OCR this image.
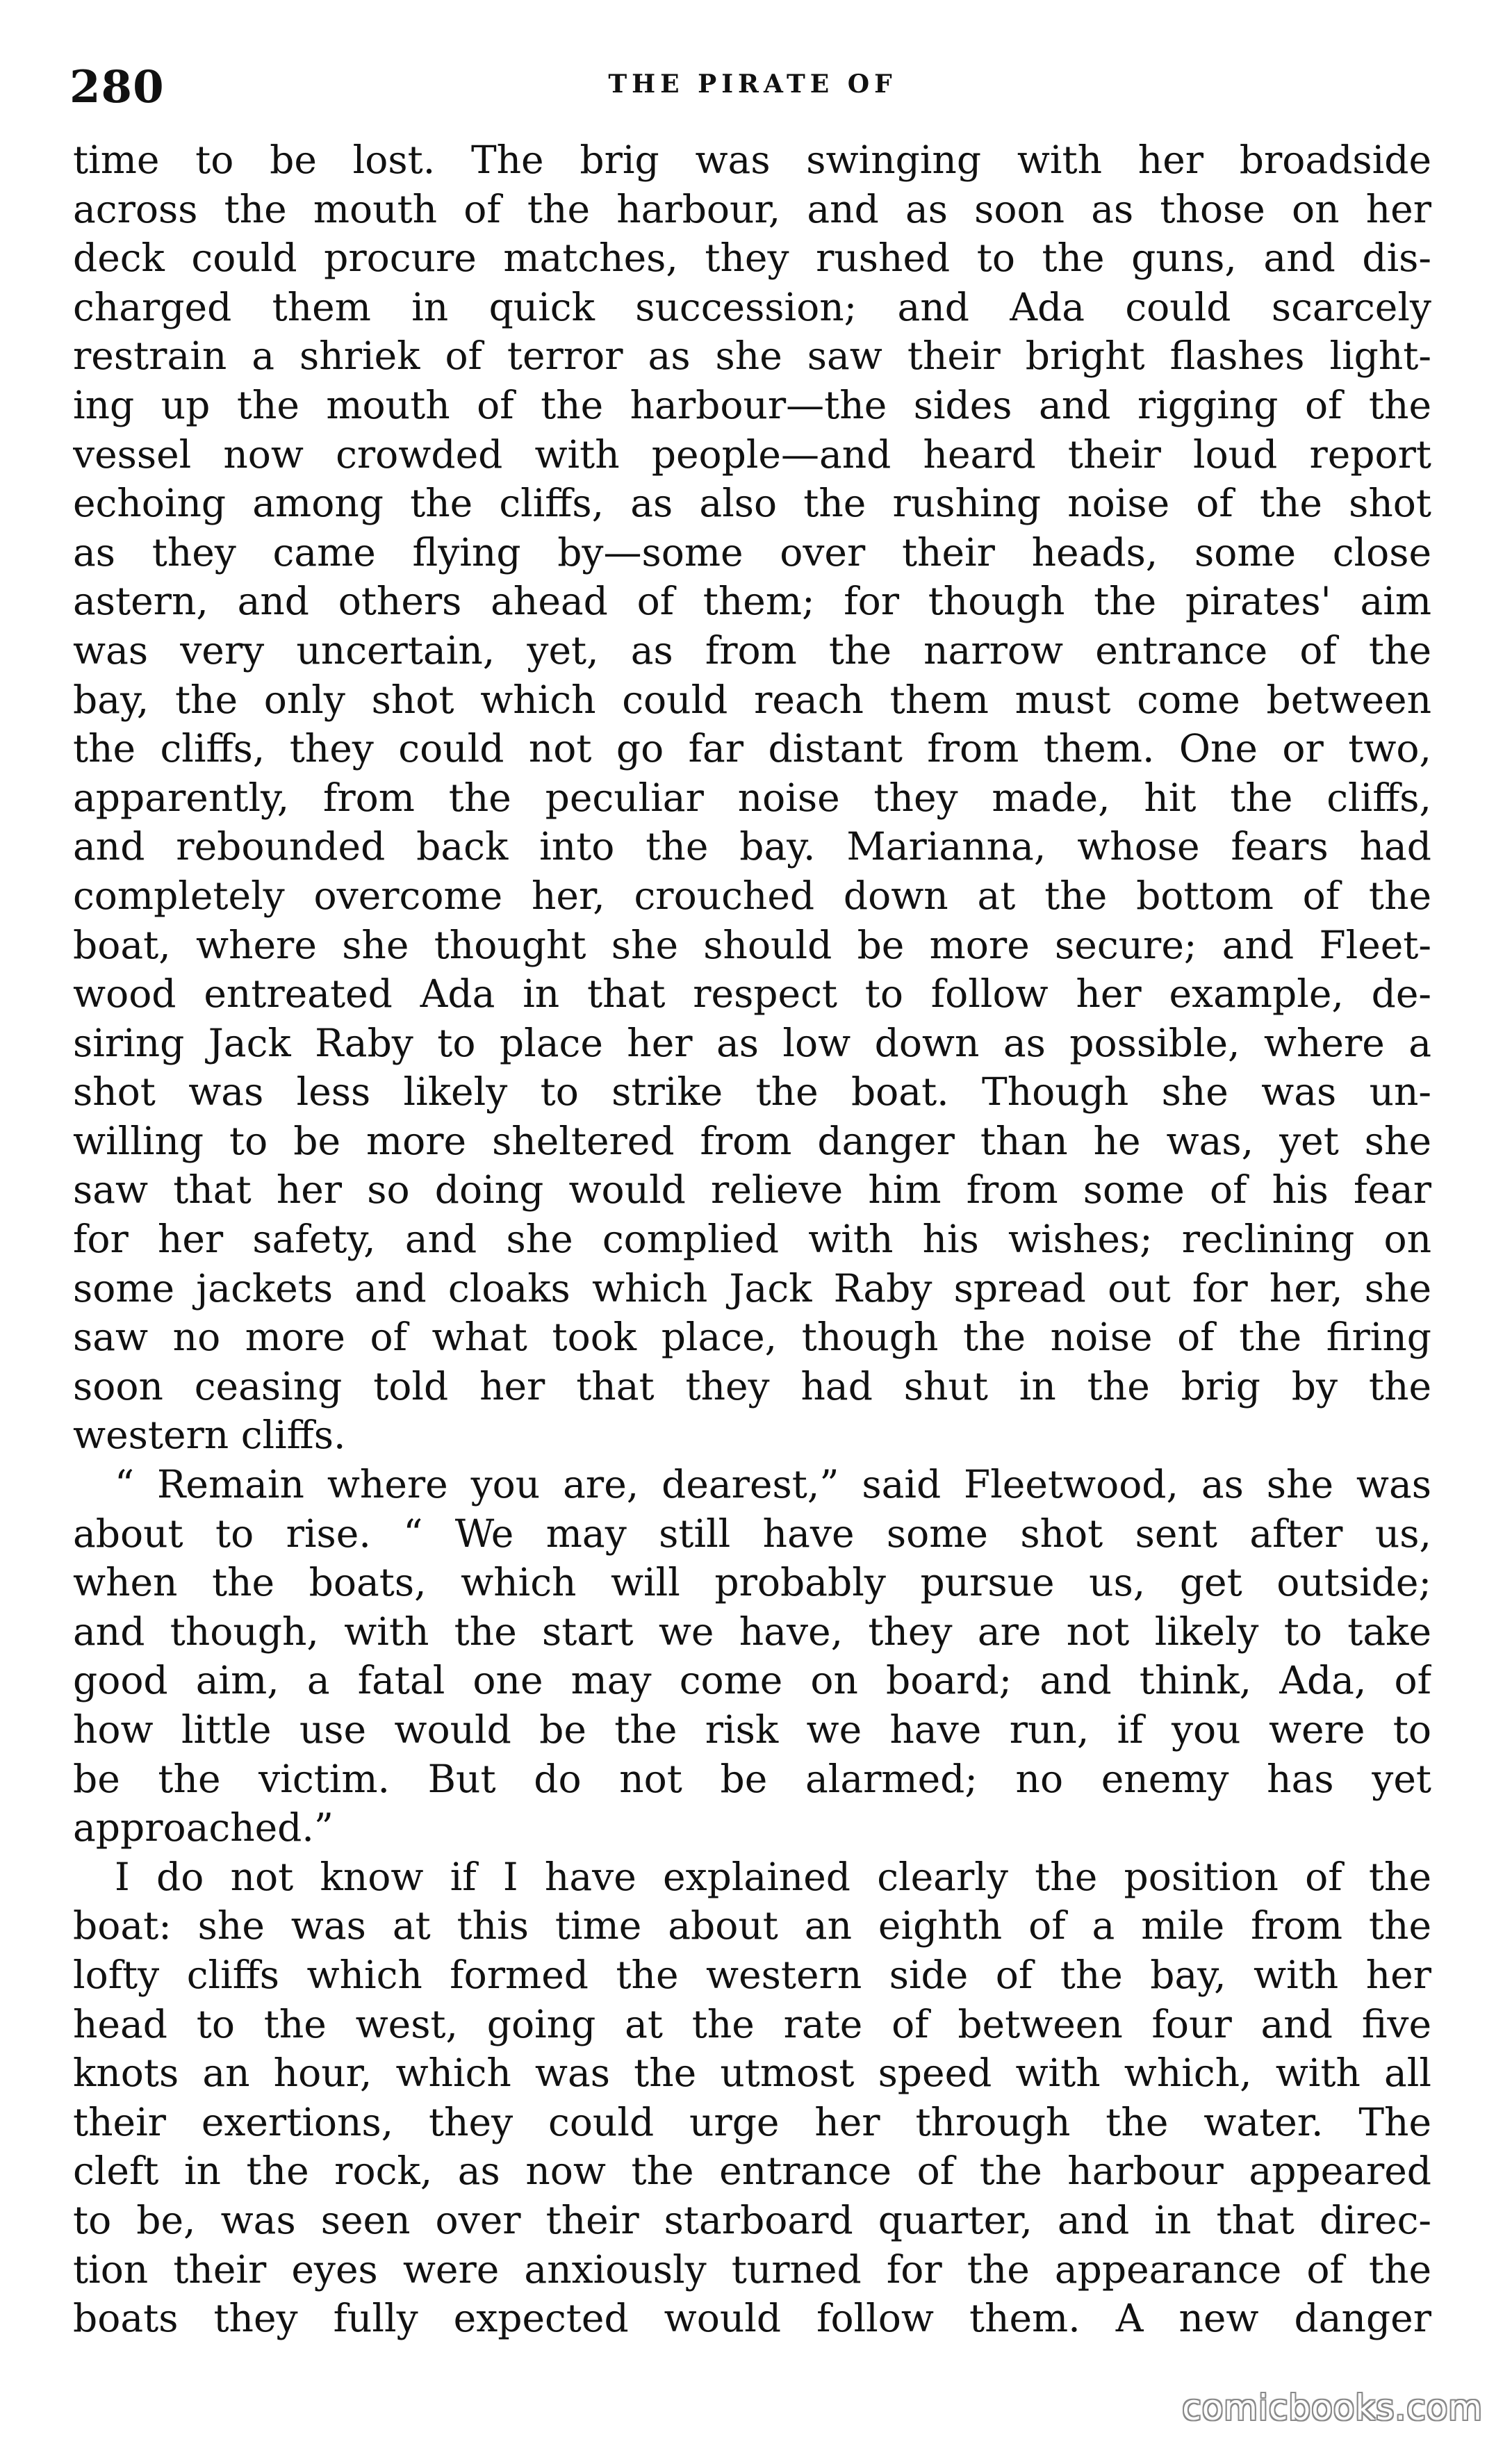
280	THE PIRATE OF
time to be lost. The brig was swinging with her broadside
across the mouth of the harbour, and as soon as those on her
deck could procure matches, they rushed to the guns, and dis-
charged them in quick succession; and Ada could scarcely
restrain a shriek of terror as she saw their bright flashes light-
ing up the mouth of the harbour—the sides and rigging of the
vessel now crowded with people—and heard their loud report
echoing among the cliffs, as also the rushing noise of the shot
as they came flying by—some over their heads, some close
astern, and others ahead of them; for though the pirates' aim
was very uncertain, yet, as from the narrow entrance of the
bay, the only shot which could reach them must come between
the cliffs, they could not go far distant from them. One or two,
apparently, from the peculiar noise they made, hit the cliffs,
and rebounded back into the bay. Marianna, whose fears had
completely overcome her, crouched down at the bottom of the
boat, where she thought she should be more secure; and Fleet-
wood entreated Ada in that respect to follow her example, de-
siring Jack Raby to place her as low down as possible, where a
shot was less likely to strike the boat. Though she was un-
willing to be more sheltered from danger than he was, yet she
saw that her so doing would relieve him from some of his fear
for her safety, and she complied with his wishes; reclining on
some jackets and cloaks which Jack Raby spread out for her, she
saw no more of what took place, though the noise of the firing
soon ceasing told her that they had shut in the brig by the
western cliffs.
“ Remain where you are, dearest,” said Fleetwood, as she was
about to rise. “ We may still have some shot sent after us,
when the boats, which will probably pursue us, get outside;
and though, with the start we have, they are not likely to take
good aim, a fatal one may come on board; and think, Ada, of
how little use would be the risk we have run, if you were to
be the victim. But do not be alarmed; no enemy has yet
approached.”
I do not know if I have explained clearly the position of the
boat: she was at this time about an eighth of a mile from the
lofty cliffs which formed the western side of the bay, with her
head to the west, going at the rate of between four and five
knots an hour, which was the utmost speed with which, with all
their exertions, they could urge her through the water. The
cleft in the rock, as now the entrance of the harbour appeared
to be, was seen over their starboard quarter, and in that direc-
tion their eyes were anxiously turned for the appearance of the
boats they fully expected would follow them. A new danger
comicbooks.com
